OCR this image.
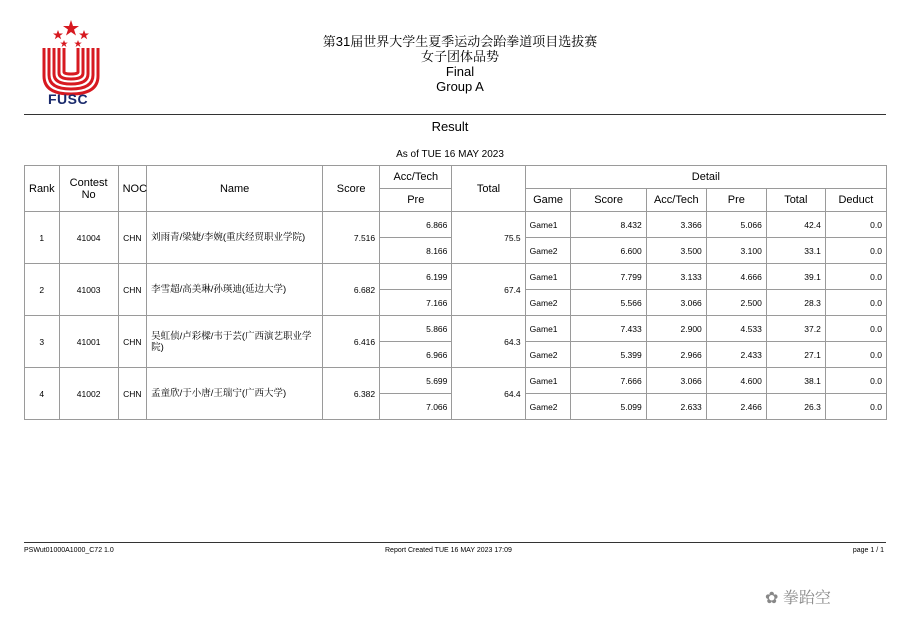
FUSC
第31届世界大学生夏季运动会跆拳道项目选拔赛
女子团体品势
Final
Group A
Result
As of TUE 16 MAY 2023
Rank	Contest No	NOC	Name	Score	Acc/Tech	Total	Detail					
					Pre		Game	Score	Acc/Tech	Pre	Total	Deduct
1	41004	CHN	刘雨青/梁婕/李婉(重庆经贸职业学院)	7.516	6.866	75.5	Game1	8.432	3.366	5.066	42.4	0.0
					8.166		Game2	6.600	3.500	3.100	33.1	0.0
2	41003	CHN	李雪超/高美琳/孙瑛迪(延边大学)	6.682	6.199	67.4	Game1	7.799	3.133	4.666	39.1	0.0
					7.166		Game2	5.566	3.066	2.500	28.3	0.0
3	41001	CHN	吴虹侦/卢彩樑/韦于芸(广西演艺职业学院)	6.416	5.866	64.3	Game1	7.433	2.900	4.533	37.2	0.0
					6.966		Game2	5.399	2.966	2.433	27.1	0.0
4	41002	CHN	孟童欣/于小唐/王瑞宁(广西大学)	6.382	5.699	64.4	Game1	7.666	3.066	4.600	38.1	0.0
					7.066		Game2	5.099	2.633	2.466	26.3	0.0
PSWut01000A1000_C72 1.0	Report Created TUE 16 MAY 2023 17:09	page 1 / 1
✿ 拳跆空
